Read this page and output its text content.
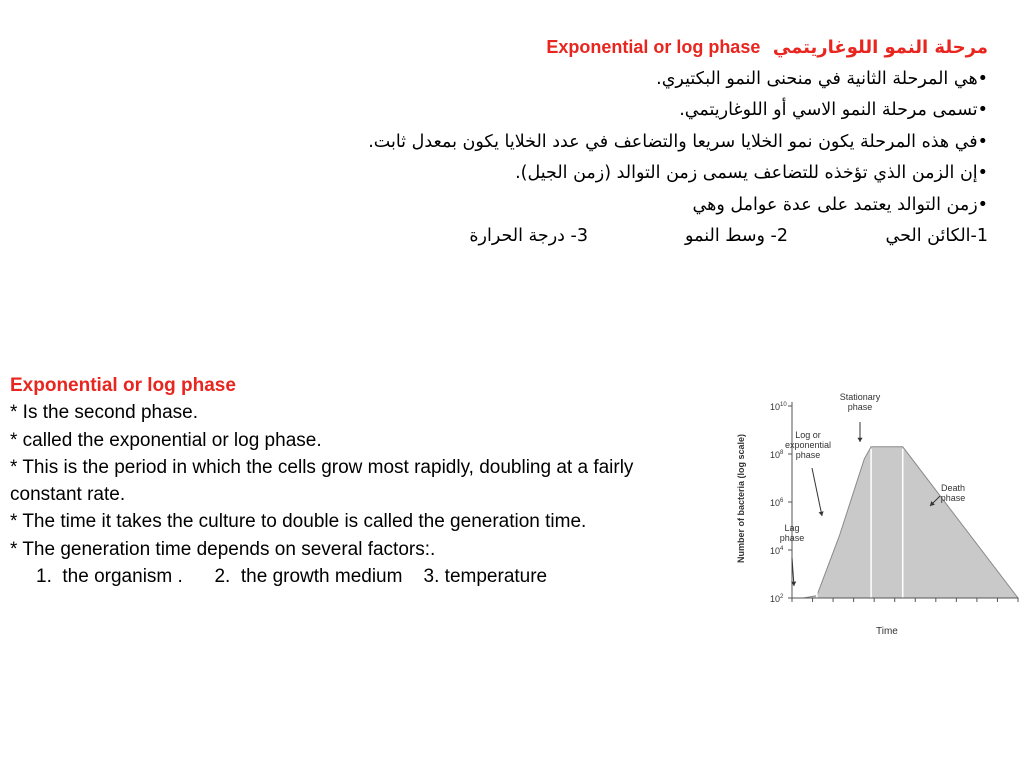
مرحلة النمو اللوغاريتمي  Exponential or log phase
•هي المرحلة الثانية في منحنى النمو البكتيري.
•تسمى مرحلة النمو الاسي أو اللوغاريتمي.
•في هذه المرحلة يكون نمو الخلايا سريعا والتضاعف في عدد الخلايا يكون بمعدل ثابت.
•إن الزمن الذي تؤخذه للتضاعف يسمى زمن التوالد (زمن الجيل).
•زمن التوالد يعتمد على عدة عوامل وهي
1-الكائن الحي
2- وسط النمو
3- درجة الحرارة
Exponential or log phase
* Is the second phase.
* called the exponential or log phase.
* This is the period in which the cells grow most rapidly, doubling at a fairly constant rate.
* The time it takes the culture to double is called the generation time.
* The generation time depends on several factors:.
1.  the organism .      2.  the growth medium    3. temperature
$10^2$
$10^4$
$10^6$
$10^8$
$10^{10}$
Stationary
phase
Log or
exponential
phase
Lag
phase
Death
phase
Time
Number of bacteria (log scale)
